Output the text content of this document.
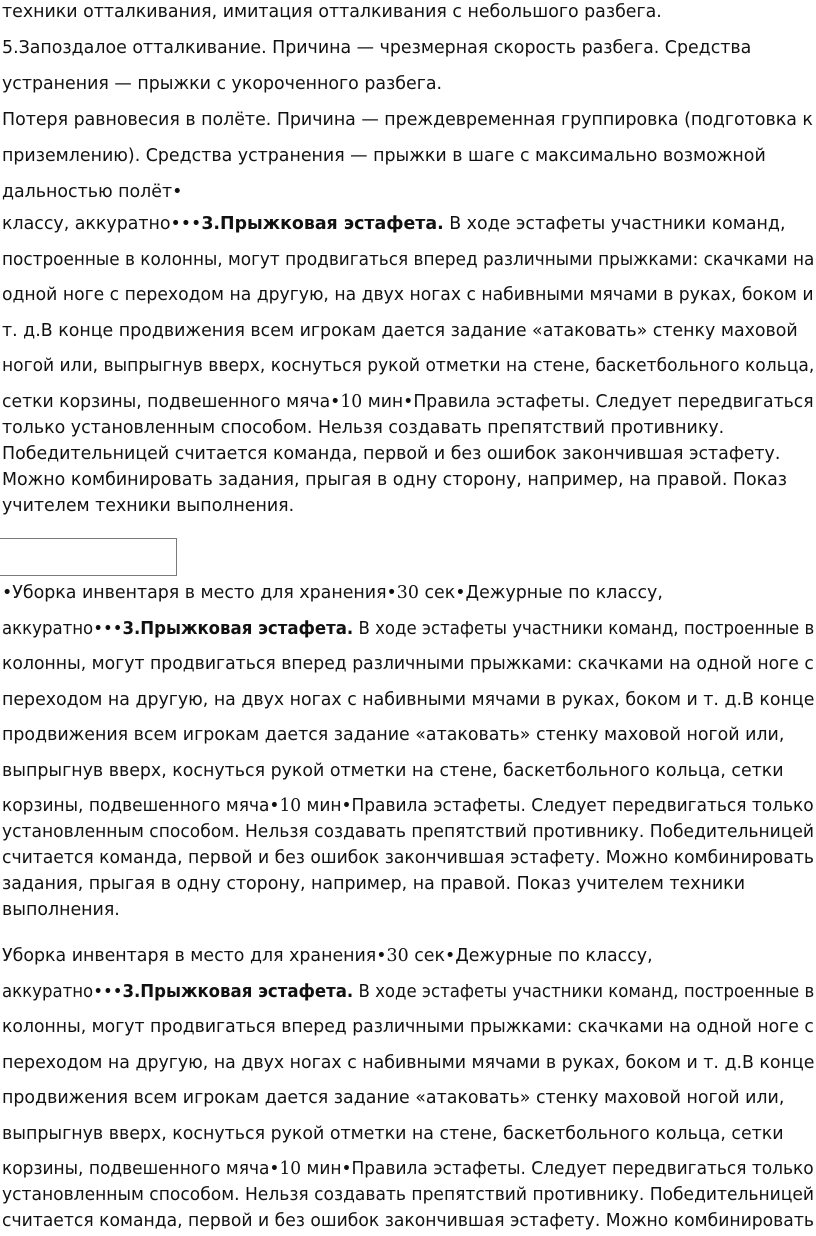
техники отталкивания, имитация отталкивания с небольшого разбега.
5.Запоздалое отталкивание. Причина — чрезмерная скорость разбега. Средства
устранения — прыжки с укороченного разбега.
Потеря равновесия в полёте. Причина — преждевременная группировка (подготовка к
приземлению). Средства устранения — прыжки в шаге с максимально возможной
дальностью полёт•
классу, аккуратно•••3.Прыжковая эстафета. В ходе эстафеты участники команд,
построенные в колонны, могут продвигаться вперед различными прыжками: скачками на
одной ноге с переходом на другую, на двух ногах с набивными мячами в руках, боком и
т. д.В конце продвижения всем игрокам дается задание «атаковать» стенку маховой
ногой или, выпрыгнув вверх, коснуться рукой отметки на стене, баскетбольного кольца,
сетки корзины, подвешенного мяча•10 мин•Правила эстафеты. Следует передвигаться
только установленным способом. Нельзя создавать препятствий противнику.
Победительницей считается команда, первой и без ошибок закончившая эстафету.
Можно комбинировать задания, прыгая в одну сторону, например, на правой. Показ
учителем техники выполнения.
•Уборка инвентаря в место для хранения•30 сек•Дежурные по классу,
аккуратно•••3.Прыжковая эстафета. В ходе эстафеты участники команд, построенные в
колонны, могут продвигаться вперед различными прыжками: скачками на одной ноге с
переходом на другую, на двух ногах с набивными мячами в руках, боком и т. д.В конце
продвижения всем игрокам дается задание «атаковать» стенку маховой ногой или,
выпрыгнув вверх, коснуться рукой отметки на стене, баскетбольного кольца, сетки
корзины, подвешенного мяча•10 мин•Правила эстафеты. Следует передвигаться только
установленным способом. Нельзя создавать препятствий противнику. Победительницей
считается команда, первой и без ошибок закончившая эстафету. Можно комбинировать
задания, прыгая в одну сторону, например, на правой. Показ учителем техники
выполнения.
Уборка инвентаря в место для хранения•30 сек•Дежурные по классу,
аккуратно•••3.Прыжковая эстафета. В ходе эстафеты участники команд, построенные в
колонны, могут продвигаться вперед различными прыжками: скачками на одной ноге с
переходом на другую, на двух ногах с набивными мячами в руках, боком и т. д.В конце
продвижения всем игрокам дается задание «атаковать» стенку маховой ногой или,
выпрыгнув вверх, коснуться рукой отметки на стене, баскетбольного кольца, сетки
корзины, подвешенного мяча•10 мин•Правила эстафеты. Следует передвигаться только
установленным способом. Нельзя создавать препятствий противнику. Победительницей
считается команда, первой и без ошибок закончившая эстафету. Можно комбинировать
